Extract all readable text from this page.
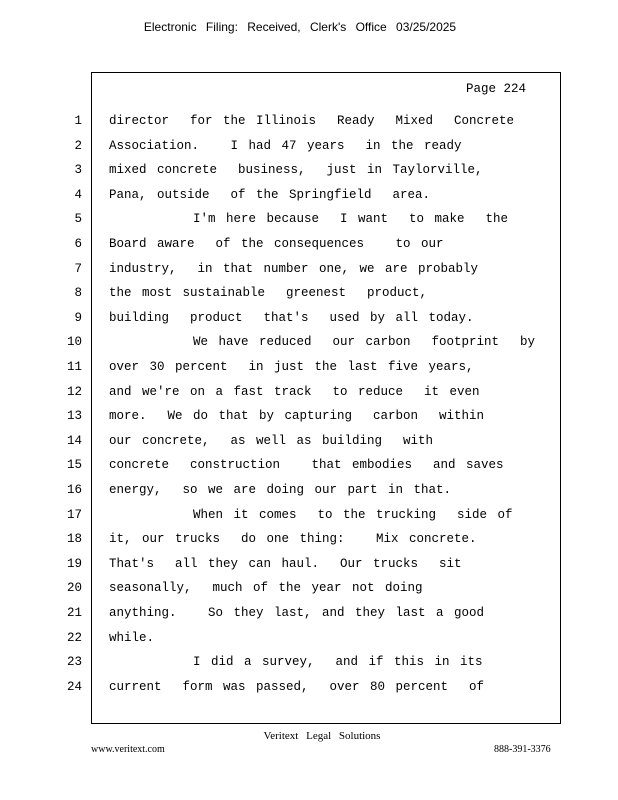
Electronic Filing: Received, Clerk's Office 03/25/2025
Page 224
1 director  for the Illinois  Ready  Mixed  Concrete
2 Association.   I had 47 years  in the ready
3 mixed concrete  business,  just in Taylorville,
4 Pana, outside  of the Springfield  area.
5 I'm here because  I want  to make  the
6 Board aware  of the consequences   to our
7 industry,  in that number one, we are probably
8 the most sustainable  greenest  product,
9 building  product  that's  used by all today.
10 We have reduced  our carbon  footprint  by
11 over 30 percent  in just the last five years,
12 and we're on a fast track  to reduce  it even
13 more.  We do that by capturing  carbon  within
14 our concrete,  as well as building  with
15 concrete  construction   that embodies  and saves
16 energy,  so we are doing our part in that.
17 When it comes  to the trucking  side of
18 it, our trucks  do one thing:   Mix concrete.
19 That's  all they can haul.  Our trucks  sit
20 seasonally,  much of the year not doing
21 anything.   So they last, and they last a good
22 while.
23 I did a survey,  and if this in its
24 current  form was passed,  over 80 percent  of
Veritext Legal Solutions
www.veritext.com	888-391-3376
